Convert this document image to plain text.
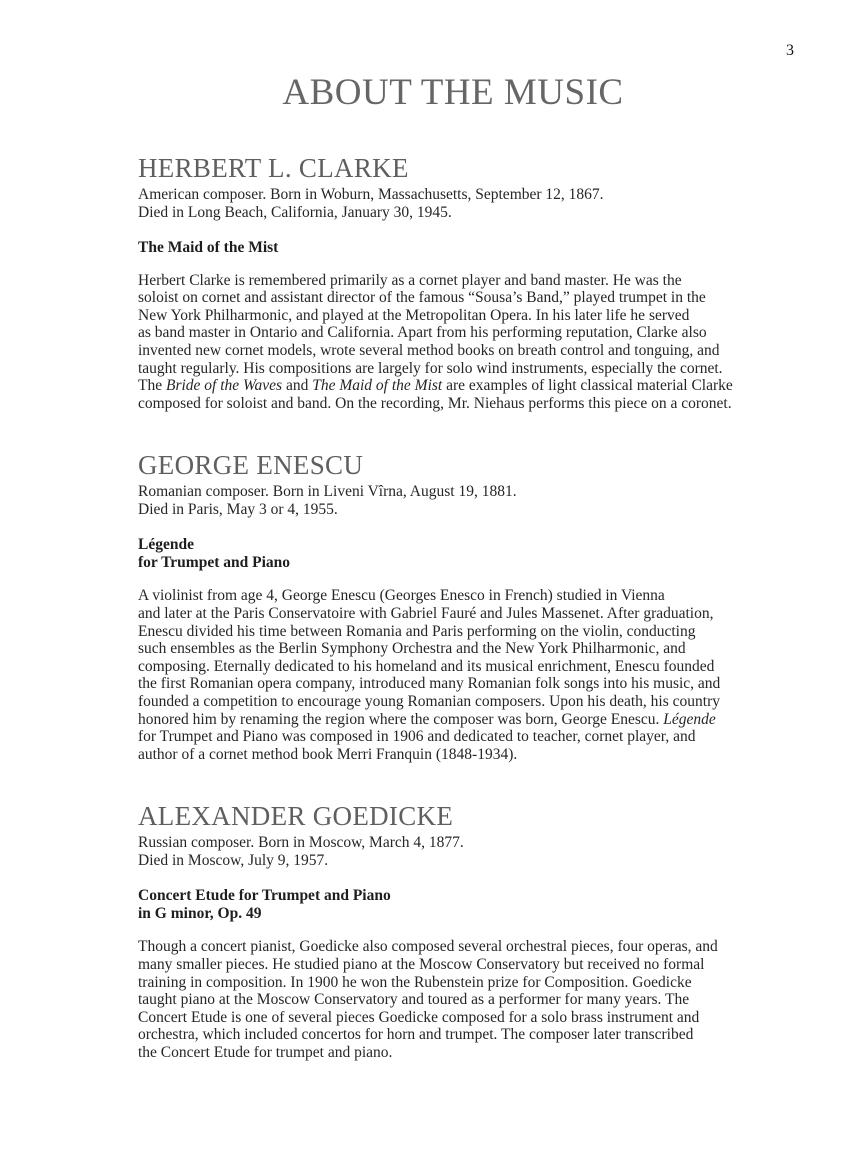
3
ABOUT THE MUSIC
HERBERT L. CLARKE
American composer. Born in Woburn, Massachusetts, September 12, 1867.
Died in Long Beach, California, January 30, 1945.
The Maid of the Mist
Herbert Clarke is remembered primarily as a cornet player and band master. He was the
soloist on cornet and assistant director of the famous “Sousa’s Band,” played trumpet in the
New York Philharmonic, and played at the Metropolitan Opera. In his later life he served
as band master in Ontario and California. Apart from his performing reputation, Clarke also
invented new cornet models, wrote several method books on breath control and tonguing, and
taught regularly. His compositions are largely for solo wind instruments, especially the cornet.
The Bride of the Waves and The Maid of the Mist are examples of light classical material Clarke
composed for soloist and band. On the recording, Mr. Niehaus performs this piece on a coronet.
GEORGE ENESCU
Romanian composer. Born in Liveni Vîrna, August 19, 1881.
Died in Paris, May 3 or 4, 1955.
Légende
for Trumpet and Piano
A violinist from age 4, George Enescu (Georges Enesco in French) studied in Vienna
and later at the Paris Conservatoire with Gabriel Fauré and Jules Massenet. After graduation,
Enescu divided his time between Romania and Paris performing on the violin, conducting
such ensembles as the Berlin Symphony Orchestra and the New York Philharmonic, and
composing. Eternally dedicated to his homeland and its musical enrichment, Enescu founded
the first Romanian opera company, introduced many Romanian folk songs into his music, and
founded a competition to encourage young Romanian composers. Upon his death, his country
honored him by renaming the region where the composer was born, George Enescu. Légende
for Trumpet and Piano was composed in 1906 and dedicated to teacher, cornet player, and
author of a cornet method book Merri Franquin (1848-1934).
ALEXANDER GOEDICKE
Russian composer. Born in Moscow, March 4, 1877.
Died in Moscow, July 9, 1957.
Concert Etude for Trumpet and Piano
in G minor, Op. 49
Though a concert pianist, Goedicke also composed several orchestral pieces, four operas, and
many smaller pieces. He studied piano at the Moscow Conservatory but received no formal
training in composition. In 1900 he won the Rubenstein prize for Composition. Goedicke
taught piano at the Moscow Conservatory and toured as a performer for many years. The
Concert Etude is one of several pieces Goedicke composed for a solo brass instrument and
orchestra, which included concertos for horn and trumpet. The composer later transcribed
the Concert Etude for trumpet and piano.
